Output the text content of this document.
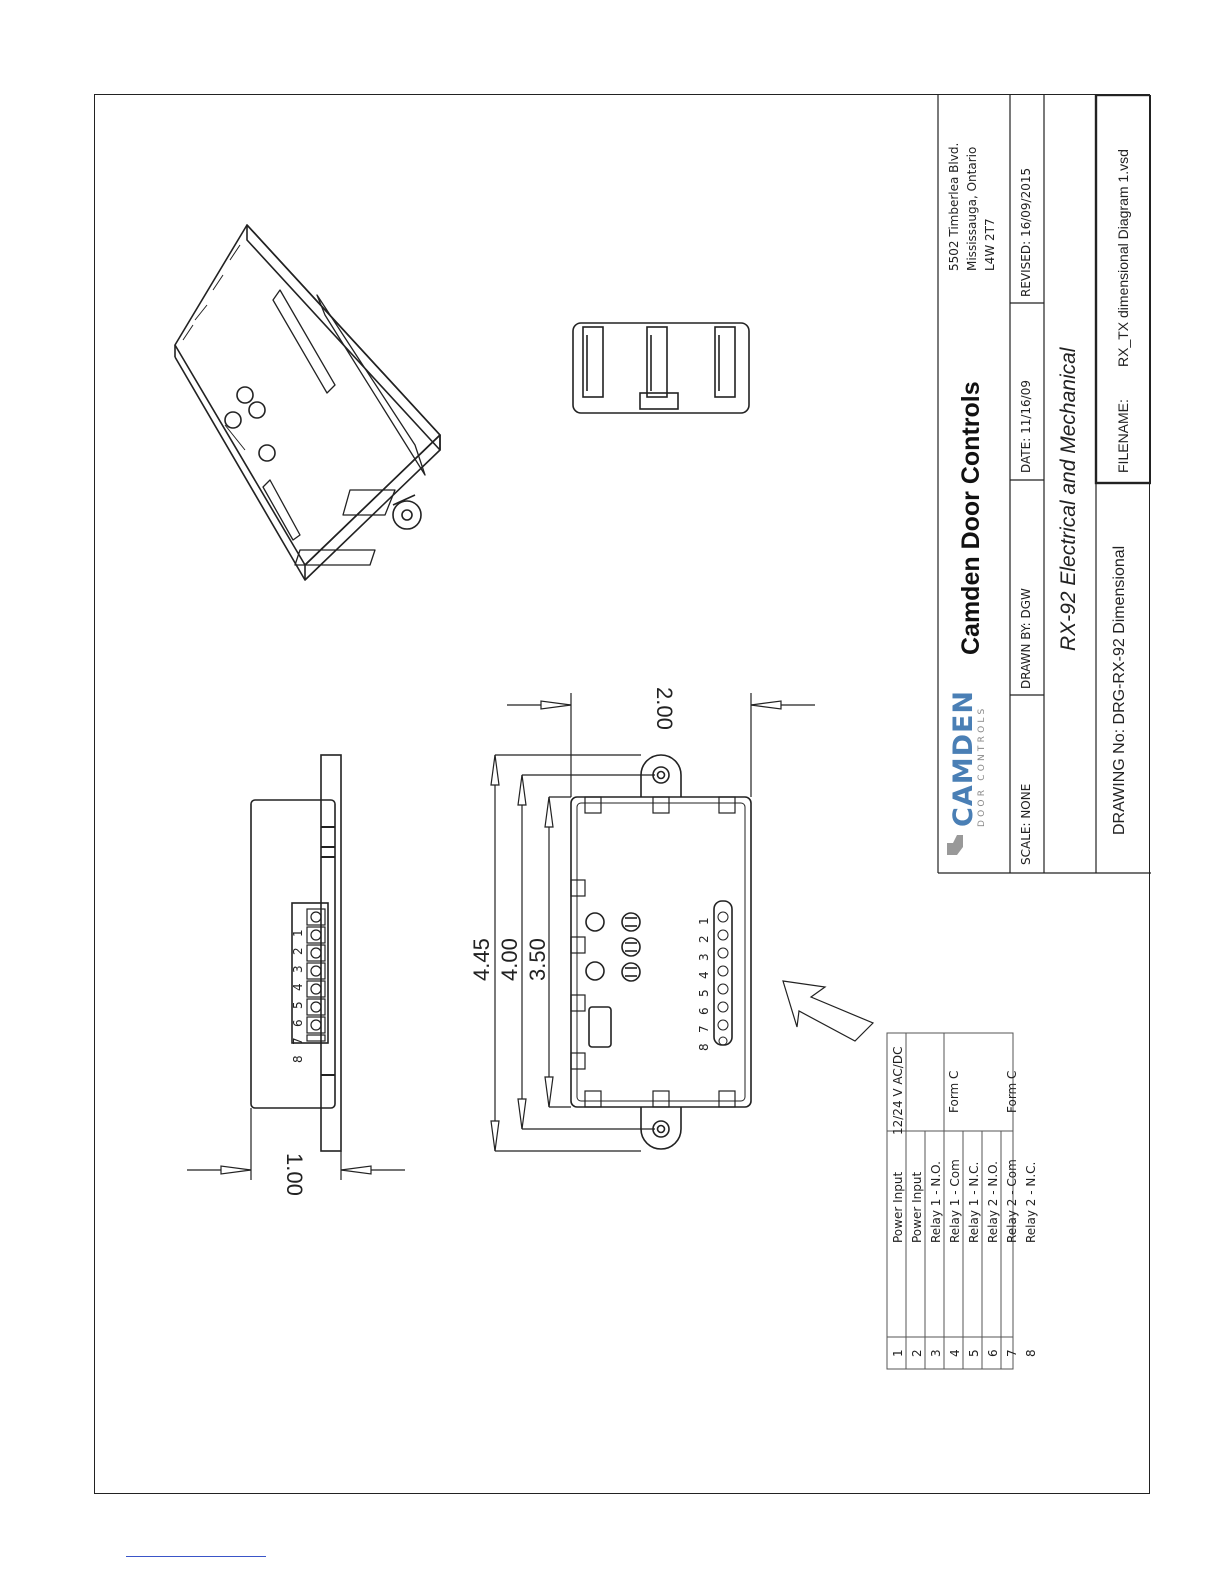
CAMDEN
DOOR CONTROLS
Camden Door Controls
5502 Timberlea Blvd. Mississauga, Ontario L4W 2T7
SCALE: NONE
DRAWN BY: DGW
DATE: 11/16/09
REVISED: 16/09/2015
RX-92 Electrical and Mechanical
DRAWING No: DRG-RX-92 Dimensional
FILENAME:
RX_TX dimensional Diagram 1.vsd
4.45 4.00 3.50
2.00
1.00
1
2
3
4
5
6
7
8
1
2
3
4
5
6
7
8
1 2 3 4 5 6 7 8
Power Input Power Input Relay 1 - N.O. Relay 1 - Com Relay 1 - N.C. Relay 2 - N.O. Relay 2 - Com Relay 2 - N.C.
12/24 V AC/DC	Form C	Form C
